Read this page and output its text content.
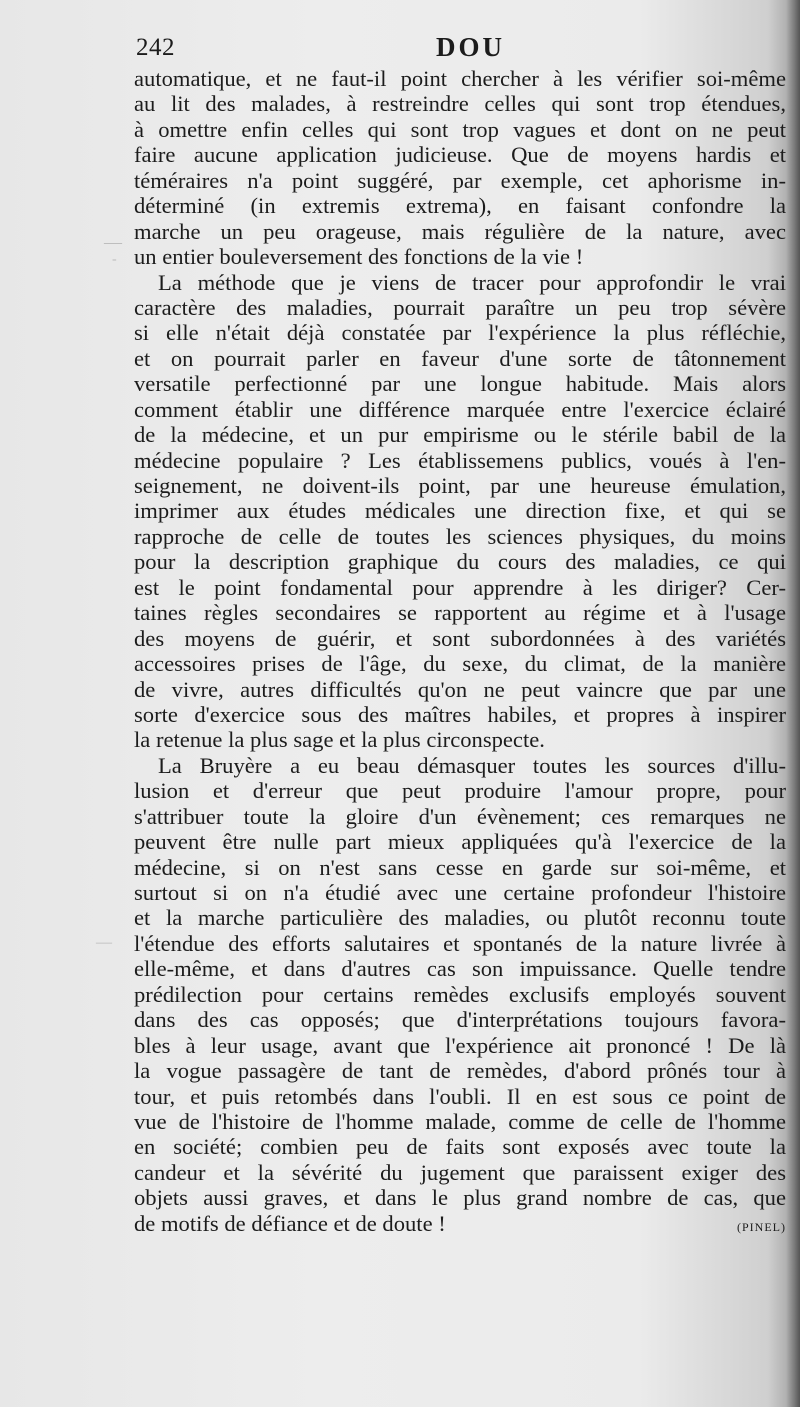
242	DOU
automatique, et ne faut-il point chercher à les vérifier soi-même
au lit des malades, à restreindre celles qui sont trop étendues,
à omettre enfin celles qui sont trop vagues et dont on ne peut
faire aucune application judicieuse. Que de moyens hardis et
téméraires n'a point suggéré, par exemple, cet aphorisme in-
déterminé (in extremis extrema), en faisant confondre la
marche un peu orageuse, mais régulière de la nature, avec
un entier bouleversement des fonctions de la vie !
La méthode que je viens de tracer pour approfondir le vrai
caractère des maladies, pourrait paraître un peu trop sévère
si elle n'était déjà constatée par l'expérience la plus réfléchie,
et on pourrait parler en faveur d'une sorte de tâtonnement
versatile perfectionné par une longue habitude. Mais alors
comment établir une différence marquée entre l'exercice éclairé
de la médecine, et un pur empirisme ou le stérile babil de la
médecine populaire ? Les établissemens publics, voués à l'en-
seignement, ne doivent-ils point, par une heureuse émulation,
imprimer aux études médicales une direction fixe, et qui se
rapproche de celle de toutes les sciences physiques, du moins
pour la description graphique du cours des maladies, ce qui
est le point fondamental pour apprendre à les diriger? Cer-
taines règles secondaires se rapportent au régime et à l'usage
des moyens de guérir, et sont subordonnées à des variétés
accessoires prises de l'âge, du sexe, du climat, de la manière
de vivre, autres difficultés qu'on ne peut vaincre que par une
sorte d'exercice sous des maîtres habiles, et propres à inspirer
la retenue la plus sage et la plus circonspecte.
La Bruyère a eu beau démasquer toutes les sources d'illu-
lusion et d'erreur que peut produire l'amour propre, pour
s'attribuer toute la gloire d'un évènement; ces remarques ne
peuvent être nulle part mieux appliquées qu'à l'exercice de la
médecine, si on n'est sans cesse en garde sur soi-même, et
surtout si on n'a étudié avec une certaine profondeur l'histoire
et la marche particulière des maladies, ou plutôt reconnu toute
l'étendue des efforts salutaires et spontanés de la nature livrée à
elle-même, et dans d'autres cas son impuissance. Quelle tendre
prédilection pour certains remèdes exclusifs employés souvent
dans des cas opposés; que d'interprétations toujours favora-
bles à leur usage, avant que l'expérience ait prononcé ! De là
la vogue passagère de tant de remèdes, d'abord prônés tour à
tour, et puis retombés dans l'oubli. Il en est sous ce point de
vue de l'histoire de l'homme malade, comme de celle de l'homme
en société; combien peu de faits sont exposés avec toute la
candeur et la sévérité du jugement que paraissent exiger des
objets aussi graves, et dans le plus grand nombre de cas, que
de motifs de défiance et de doute !	(PINEL)
—
-
—
